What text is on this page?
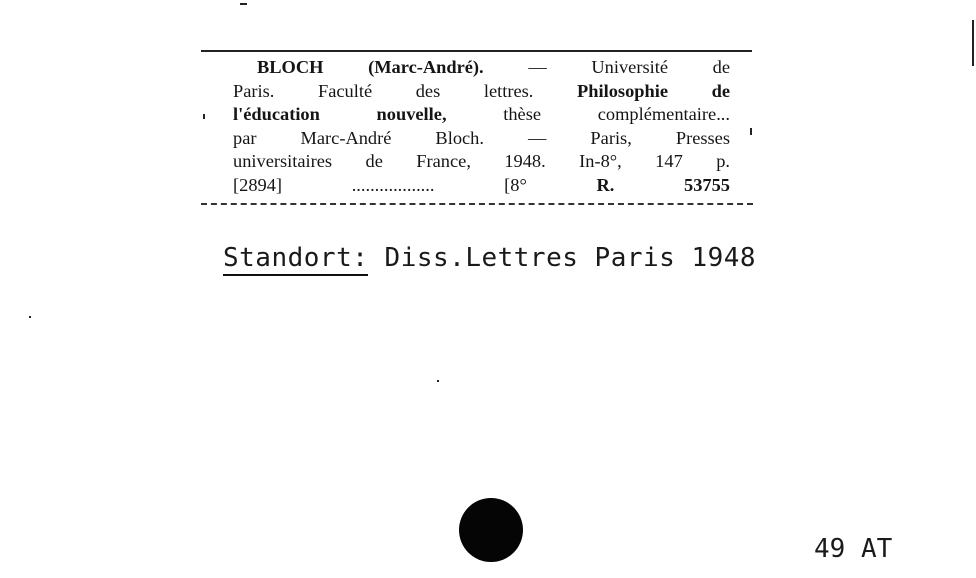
BLOCH (Marc-André). — Université de
Paris. Faculté des lettres. Philosophie de
l'éducation nouvelle, thèse complémentaire...
par Marc-André Bloch. — Paris, Presses
universitaires de France, 1948. In-8°, 147 p.
[2894] .................. [8° R. 53755
Standort: Diss.Lettres Paris 1948
49 AT
